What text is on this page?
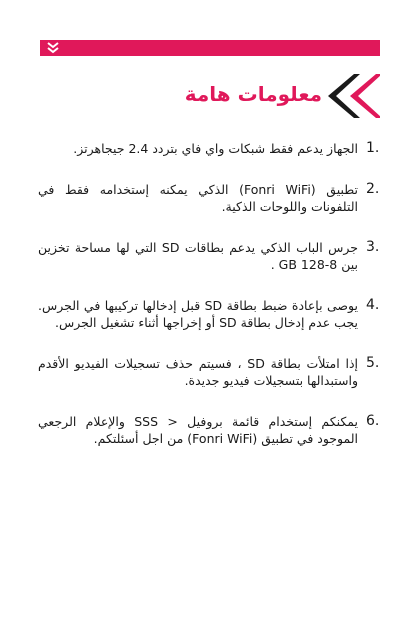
معلومات هامة
1.
الجهاز يدعم فقط شبكات واي فاي بتردد 2.4 جيجاهرتز.
2.
تطبيق (Fonri WiFi) الذكي يمكنه إستخدامه فقط في التلفونات واللوحات الذكية.
3.
جرس الباب الذكي يدعم بطاقات SD التي لها مساحة تخزين بين 8-128 GB .
4.
يوصى بإعادة ضبط بطاقة SD قبل إدخالها تركيبها في الجرس. يجب عدم إدخال بطاقة SD أو إخراجها أثناء تشغيل الجرس.
5.
إذا امتلأت بطاقة SD ، فسيتم حذف تسجيلات الفيديو الأقدم واستبدالها بتسجيلات فيديو جديدة.
6.
يمكنكم إستخدام قائمة بروفيل < SSS والإعلام الرجعي الموجود في تطبيق (Fonri WiFi) من اجل أسئلتكم.
